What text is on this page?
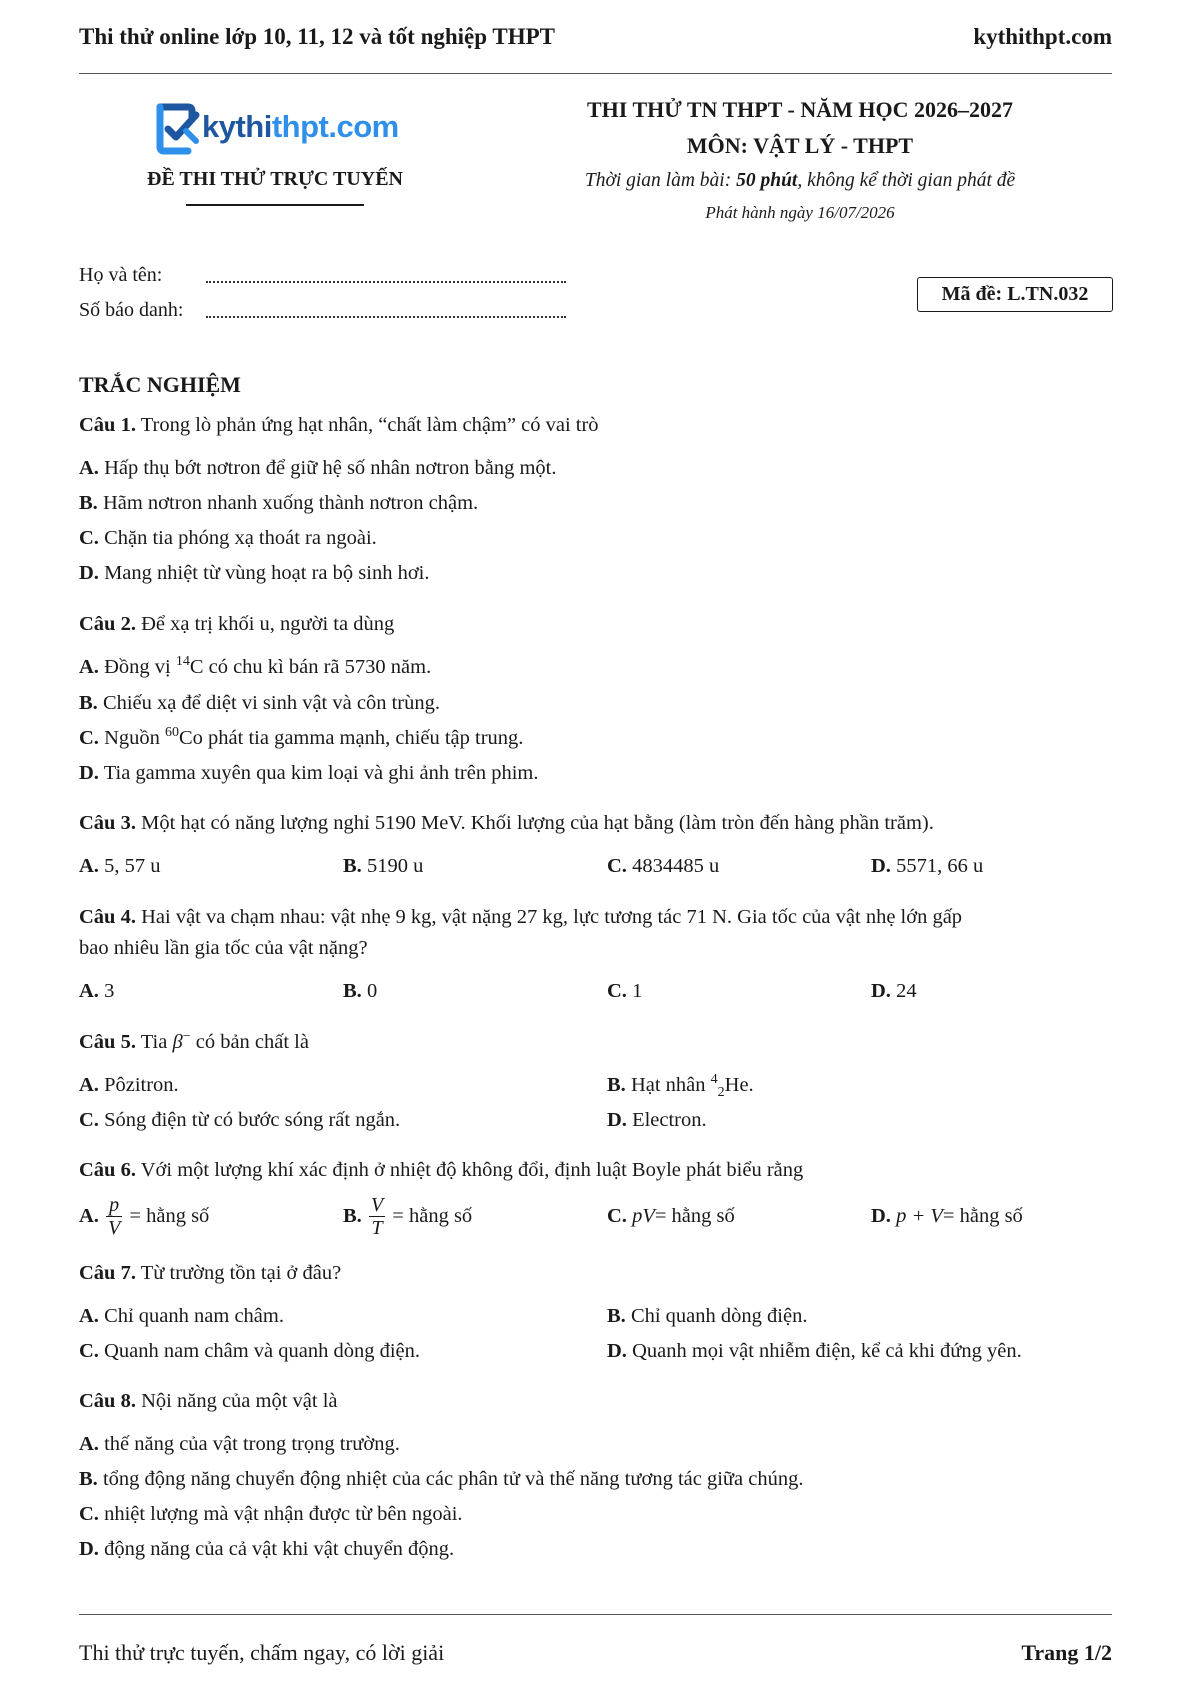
Thi thử online lớp 10, 11, 12 và tốt nghiệp THPT	kythithpt.com
kythithpt.com
ĐỀ THI THỬ TRỰC TUYẾN
THI THỬ TN THPT - NĂM HỌC 2026–2027
MÔN: VẬT LÝ - THPT
Thời gian làm bài: 50 phút, không kể thời gian phát đề
Phát hành ngày 16/07/2026
Họ và tên:
Số báo danh:
Mã đề: L.TN.032
TRẮC NGHIỆM
Câu 1. Trong lò phản ứng hạt nhân, “chất làm chậm” có vai trò
A. Hấp thụ bớt nơtron để giữ hệ số nhân nơtron bằng một.
B. Hãm nơtron nhanh xuống thành nơtron chậm.
C. Chặn tia phóng xạ thoát ra ngoài.
D. Mang nhiệt từ vùng hoạt ra bộ sinh hơi.
Câu 2. Để xạ trị khối u, người ta dùng
A. Đồng vị $^{14}$C có chu kì bán rã 5730 năm.
B. Chiếu xạ để diệt vi sinh vật và côn trùng.
C. Nguồn $^{60}$Co phát tia gamma mạnh, chiếu tập trung.
D. Tia gamma xuyên qua kim loại và ghi ảnh trên phim.
Câu 3. Một hạt có năng lượng nghỉ 5190 MeV. Khối lượng của hạt bằng (làm tròn đến hàng phần trăm).
A. 5, 57 u	B. 5190 u	C. 4834485 u	D. 5571, 66 u
Câu 4. Hai vật va chạm nhau: vật nhẹ 9 kg, vật nặng 27 kg, lực tương tác 71 N. Gia tốc của vật nhẹ lớn gấp
bao nhiêu lần gia tốc của vật nặng?
A. 3	B. 0	C. 1	D. 24
Câu 5. Tia β− có bản chất là
A. Pôzitron.	B. Hạt nhân $^4_2$He.
C. Sóng điện từ có bước sóng rất ngắn.	D. Electron.
Câu 6. Với một lượng khí xác định ở nhiệt độ không đổi, định luật Boyle phát biểu rằng
A.
$\frac{p}{V}$
= hằng số	B.
$\frac{V}{T}$
= hằng số	C.
pV = hằng số	D.
p + V = hằng số
Câu 7. Từ trường tồn tại ở đâu?
A. Chỉ quanh nam châm.	B. Chỉ quanh dòng điện.
C. Quanh nam châm và quanh dòng điện.	D. Quanh mọi vật nhiễm điện, kể cả khi đứng yên.
Câu 8. Nội năng của một vật là
A. thế năng của vật trong trọng trường.
B. tổng động năng chuyển động nhiệt của các phân tử và thế năng tương tác giữa chúng.
C. nhiệt lượng mà vật nhận được từ bên ngoài.
D. động năng của cả vật khi vật chuyển động.
Thi thử trực tuyến, chấm ngay, có lời giải	Trang 1/2
